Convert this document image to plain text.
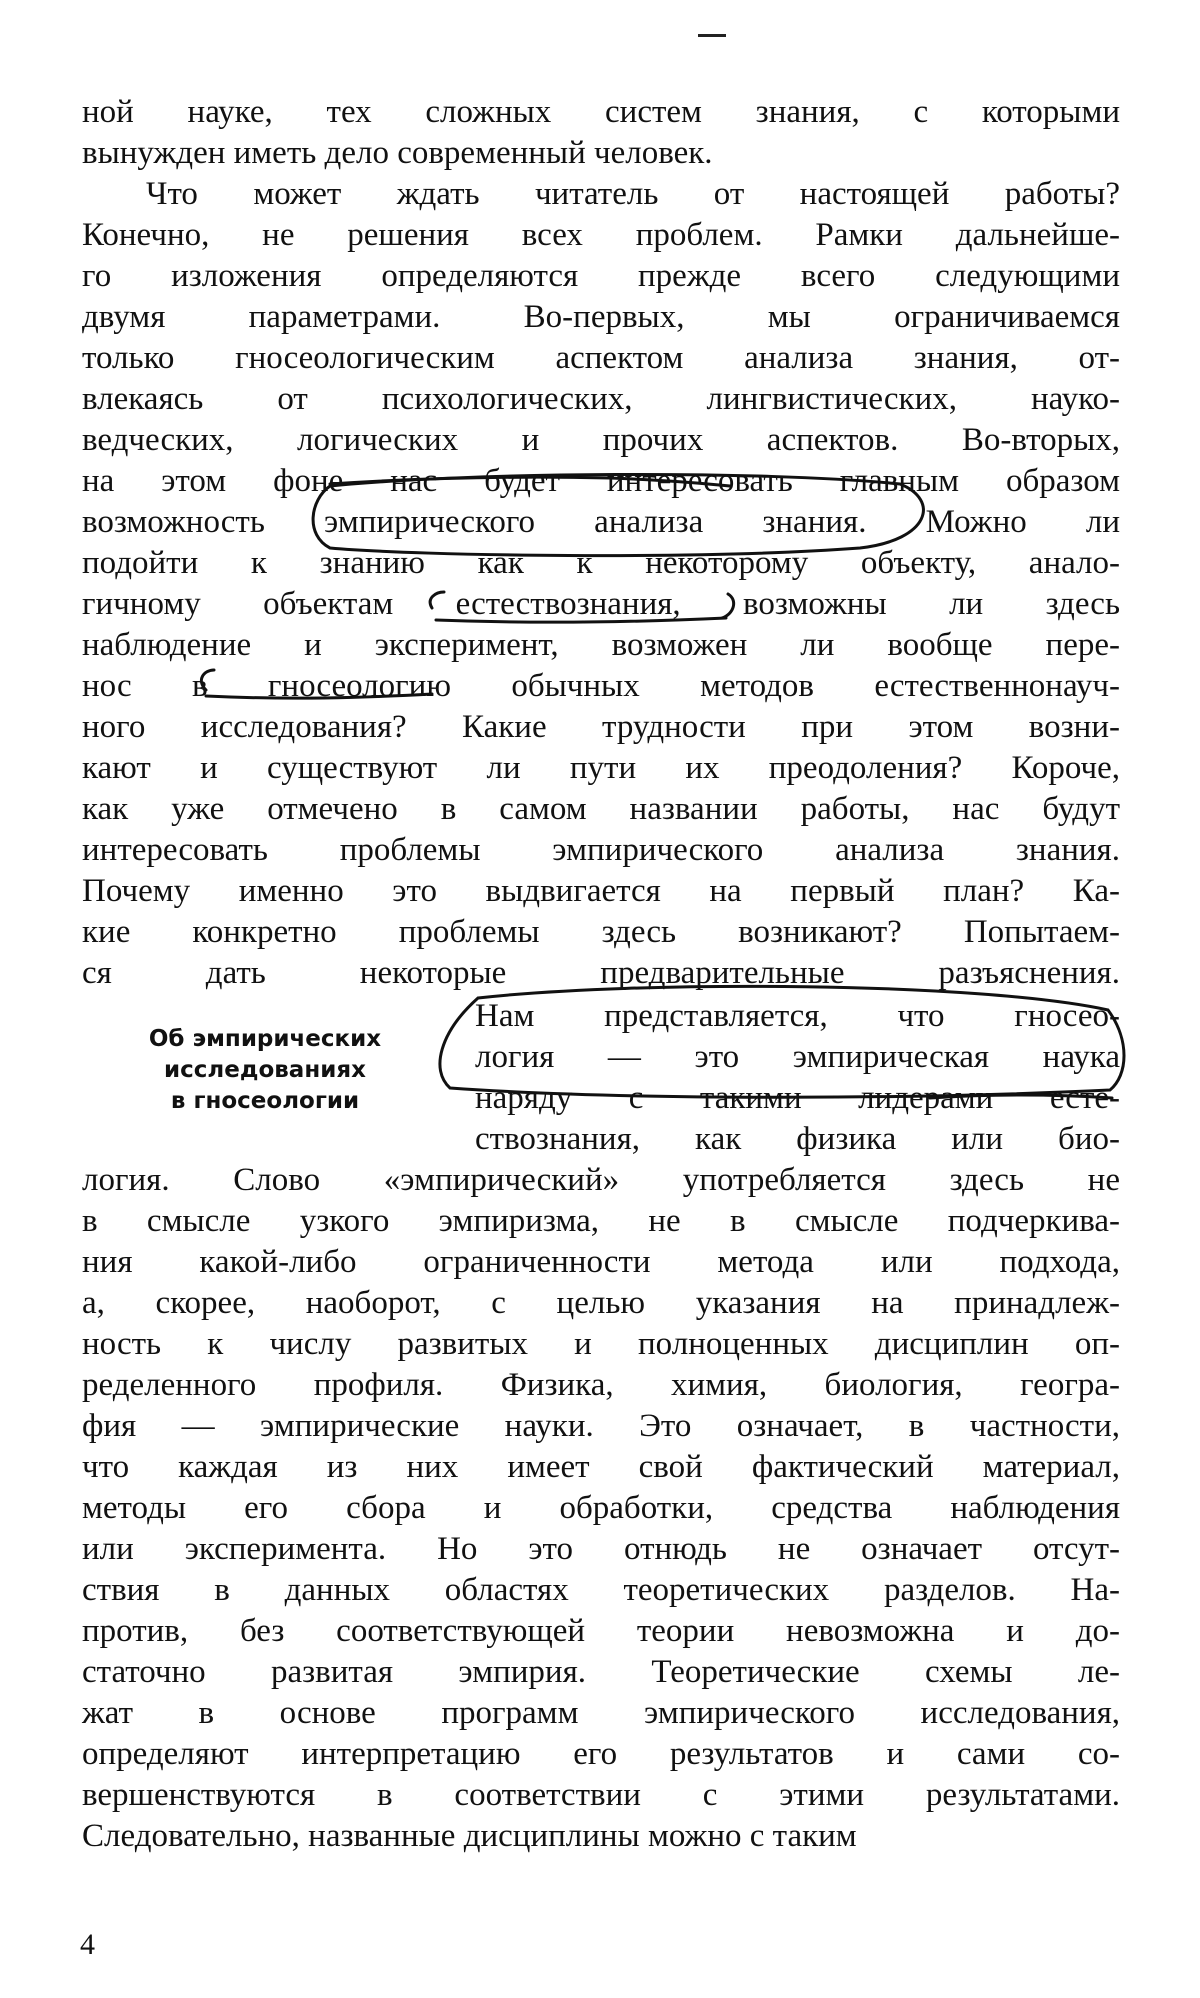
ной науке, тех сложных систем знания, с которыми
вынужден иметь дело современный человек.
Что может ждать читатель от настоящей работы?
Конечно, не решения всех проблем. Рамки дальнейше-
го изложения определяются прежде всего следующими
двумя параметрами. Во-первых, мы ограничиваемся
только гносеологическим аспектом анализа знания, от-
влекаясь от психологических, лингвистических, науко-
ведческих, логических и прочих аспектов. Во-вторых,
на этом фоне нас будет интересовать главным образом
возможность эмпирического анализа знания. Можно ли
подойти к знанию как к некоторому объекту, анало-
гичному объектам естествознания, возможны ли здесь
наблюдение и эксперимент, возможен ли вообще пере-
нос в гносеологию обычных методов естественнонауч-
ного исследования? Какие трудности при этом возни-
кают и существуют ли пути их преодоления? Короче,
как уже отмечено в самом названии работы, нас будут
интересовать проблемы эмпирического анализа знания.
Почему именно это выдвигается на первый план? Ка-
кие конкретно проблемы здесь возникают? Попытаем-
ся дать некоторые предварительные разъяснения.
Об эмпирических
исследованиях
в гносеологии
Нам представляется, что гносео-
логия — это эмпирическая наука
наряду с такими лидерами есте-
ствознания, как физика или био-
логия. Слово «эмпирический» употребляется здесь не
в смысле узкого эмпиризма, не в смысле подчеркива-
ния какой-либо ограниченности метода или подхода,
а, скорее, наоборот, с целью указания на принадлеж-
ность к числу развитых и полноценных дисциплин оп-
ределенного профиля. Физика, химия, биология, геогра-
фия — эмпирические науки. Это означает, в частности,
что каждая из них имеет свой фактический материал,
методы его сбора и обработки, средства наблюдения
или эксперимента. Но это отнюдь не означает отсут-
ствия в данных областях теоретических разделов. На-
против, без соответствующей теории невозможна и до-
статочно развитая эмпирия. Теоретические схемы ле-
жат в основе программ эмпирического исследования,
определяют интерпретацию его результатов и сами со-
вершенствуются в соответствии с этими результатами.
Следовательно, названные дисциплины можно с таким
4
